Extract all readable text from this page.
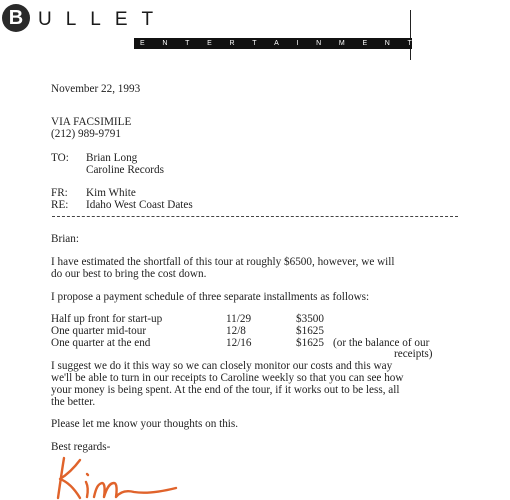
B ULLET
E	N	T	E	R	T	A	I	N	M	E	N	T
November 22, 1993
VIA FACSIMILE
(212) 989-9791
TO: Brian Long
Caroline Records
FR: Kim White
RE: Idaho West Coast Dates
Brian:
I have estimated the shortfall of this tour at roughly $6500, however, we will
do our best to bring the cost down.
I propose a payment schedule of three separate installments as follows:
Half up front for start-up	11/29	$3500
One quarter mid-tour	12/8	$1625
One quarter at the end	12/16	$1625 (or the balance of our
receipts)
I suggest we do it this way so we can closely monitor our costs and this way
we'll be able to turn in our receipts to Caroline weekly so that you can see how
your money is being spent. At the end of the tour, if it works out to be less, all
the better.
Please let me know your thoughts on this.
Best regards-
